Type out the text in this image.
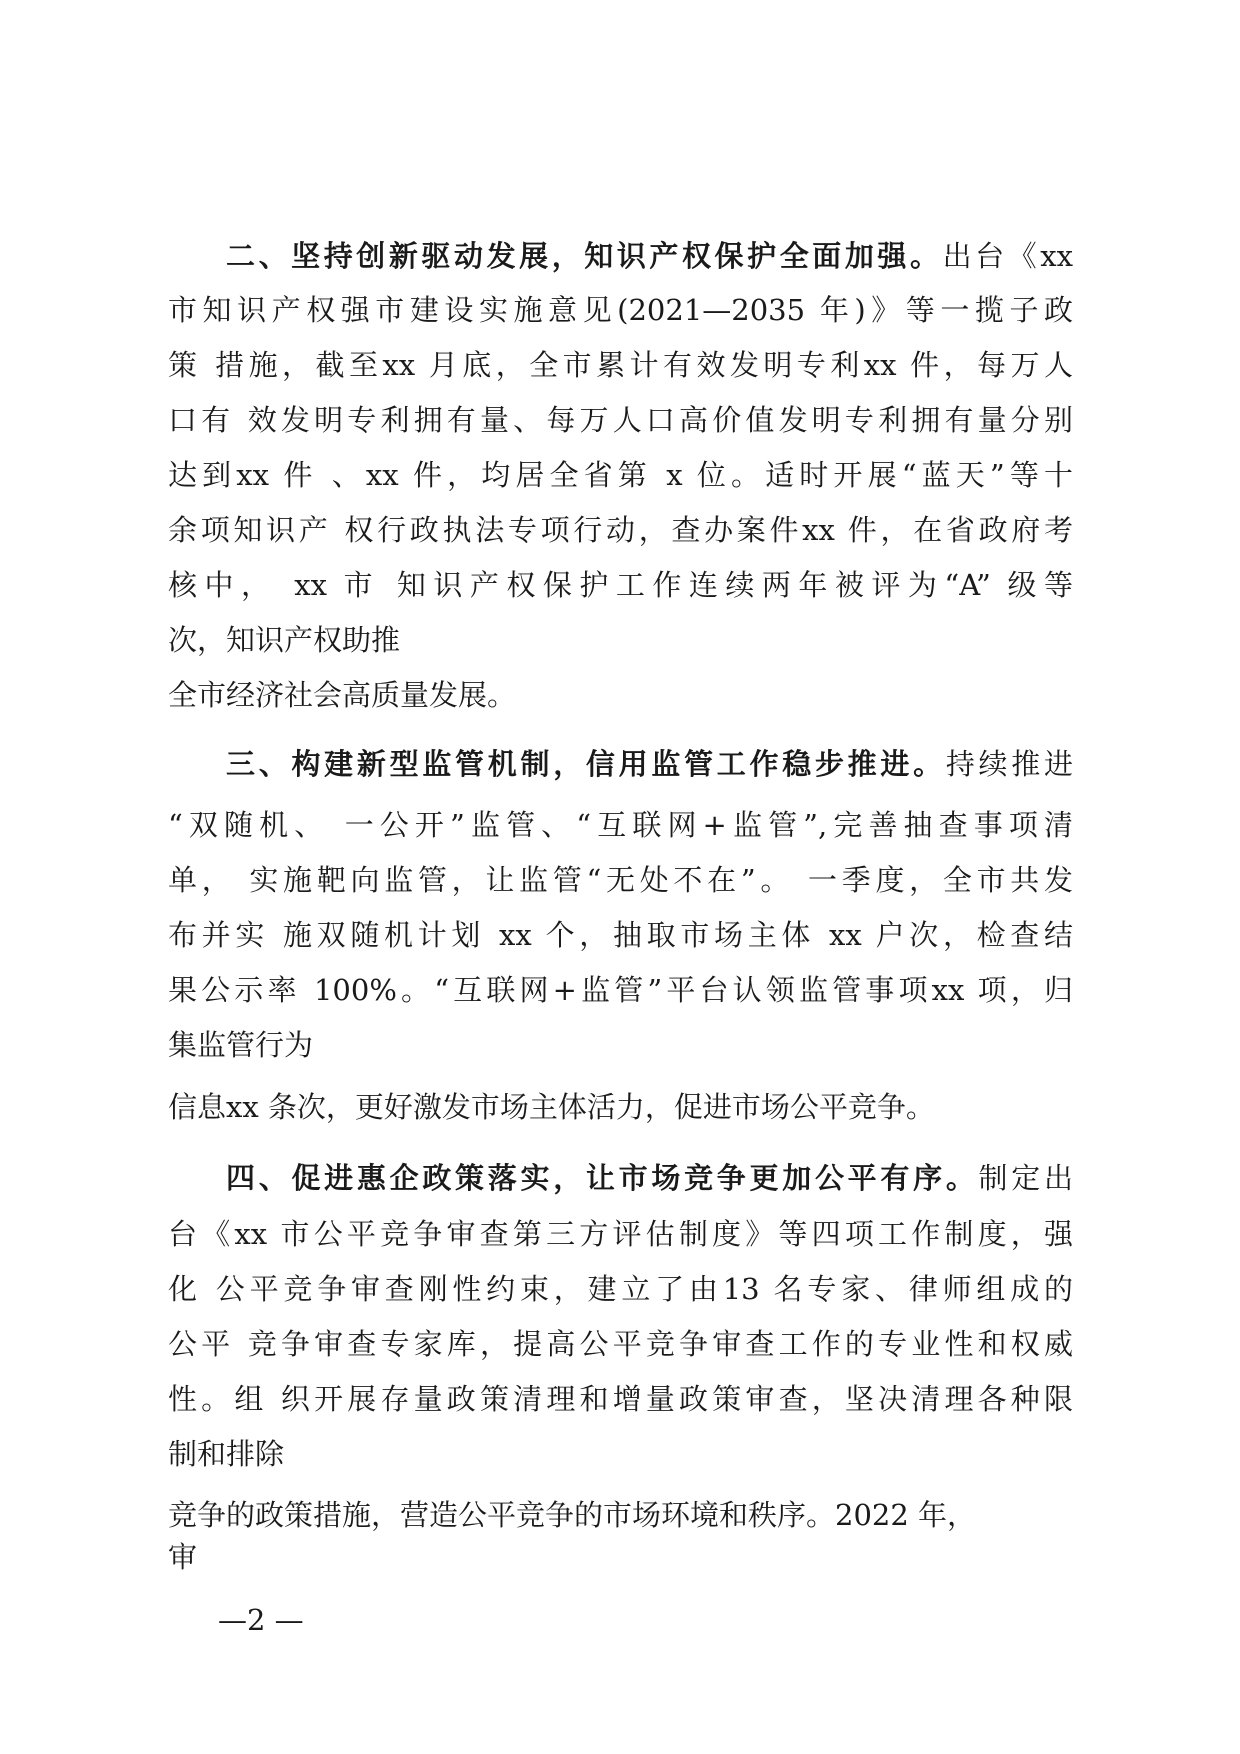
二、坚持创新驱动发展，知识产权保护全面加强。出台《xx
市知识产权强市建设实施意见(2021—2035 年)》等一揽子政
策 措施，截至xx 月底，全市累计有效发明专利xx 件，每万人
口有 效发明专利拥有量、每万人口高价值发明专利拥有量分别
达到xx 件 、xx 件，均居全省第 x 位。适时开展“蓝天”等十
余项知识产 权行政执法专项行动，查办案件xx 件，在省政府考
核中， xx 市 知识产权保护工作连续两年被评为“A” 级等
次，知识产权助推
全市经济社会高质量发展。
三、构建新型监管机制，信用监管工作稳步推进。持续推进
“双随机、 一公开”监管、“互联网+监管”,完善抽查事项清
单， 实施靶向监管，让监管“无处不在”。 一季度，全市共发
布并实 施双随机计划 xx 个，抽取市场主体 xx 户次，检查结
果公示率 100%。“互联网+监管”平台认领监管事项xx 项，归
集监管行为
信息xx 条次，更好激发市场主体活力，促进市场公平竞争。
四、促进惠企政策落实，让市场竞争更加公平有序。制定出
台《xx 市公平竞争审查第三方评估制度》等四项工作制度，强
化 公平竞争审查刚性约束，建立了由13 名专家、律师组成的
公平 竞争审查专家库，提高公平竞争审查工作的专业性和权威
性。组 织开展存量政策清理和增量政策审查，坚决清理各种限
制和排除
竞争的政策措施，营造公平竞争的市场环境和秩序。2022 年，
审
—2 —
